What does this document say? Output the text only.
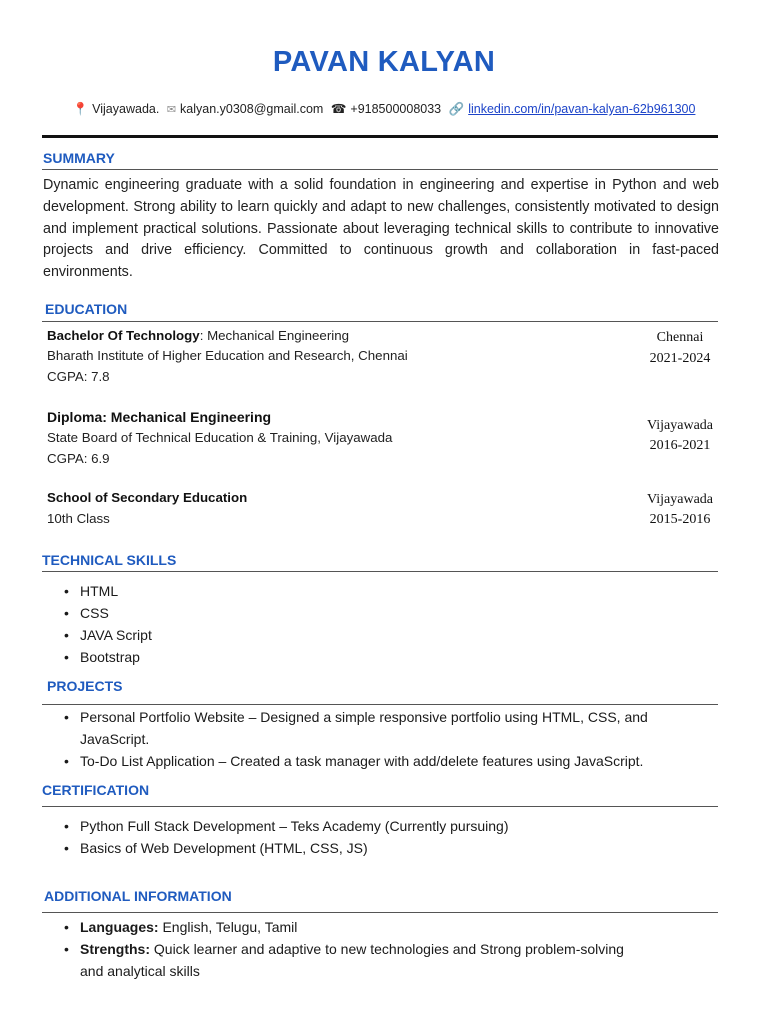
PAVAN KALYAN
📍 Vijayawada. ✉ kalyan.y0308@gmail.com ☎ +918500008033 🔗 linkedin.com/in/pavan-kalyan-62b961300
SUMMARY
Dynamic engineering graduate with a solid foundation in engineering and expertise in Python and web development. Strong ability to learn quickly and adapt to new challenges, consistently motivated to design and implement practical solutions. Passionate about leveraging technical skills to contribute to innovative projects and drive efficiency. Committed to continuous growth and collaboration in fast-paced environments.
EDUCATION
Bachelor Of Technology: Mechanical Engineering
Bharath Institute of Higher Education and Research, Chennai
CGPA: 7.8
Chennai
2021-2024
Diploma: Mechanical Engineering
State Board of Technical Education & Training, Vijayawada
CGPA: 6.9
Vijayawada
2016-2021
School of Secondary Education
10th Class
Vijayawada
2015-2016
TECHNICAL SKILLS
• HTML
• CSS
• JAVA Script
• Bootstrap
PROJECTS
• Personal Portfolio Website – Designed a simple responsive portfolio using HTML, CSS, and
JavaScript.
• To-Do List Application – Created a task manager with add/delete features using JavaScript.
CERTIFICATION
• Python Full Stack Development – Teks Academy (Currently pursuing)
• Basics of Web Development (HTML, CSS, JS)
ADDITIONAL INFORMATION
• Languages: English, Telugu, Tamil
• Strengths: Quick learner and adaptive to new technologies and Strong problem-solving
and analytical skills
